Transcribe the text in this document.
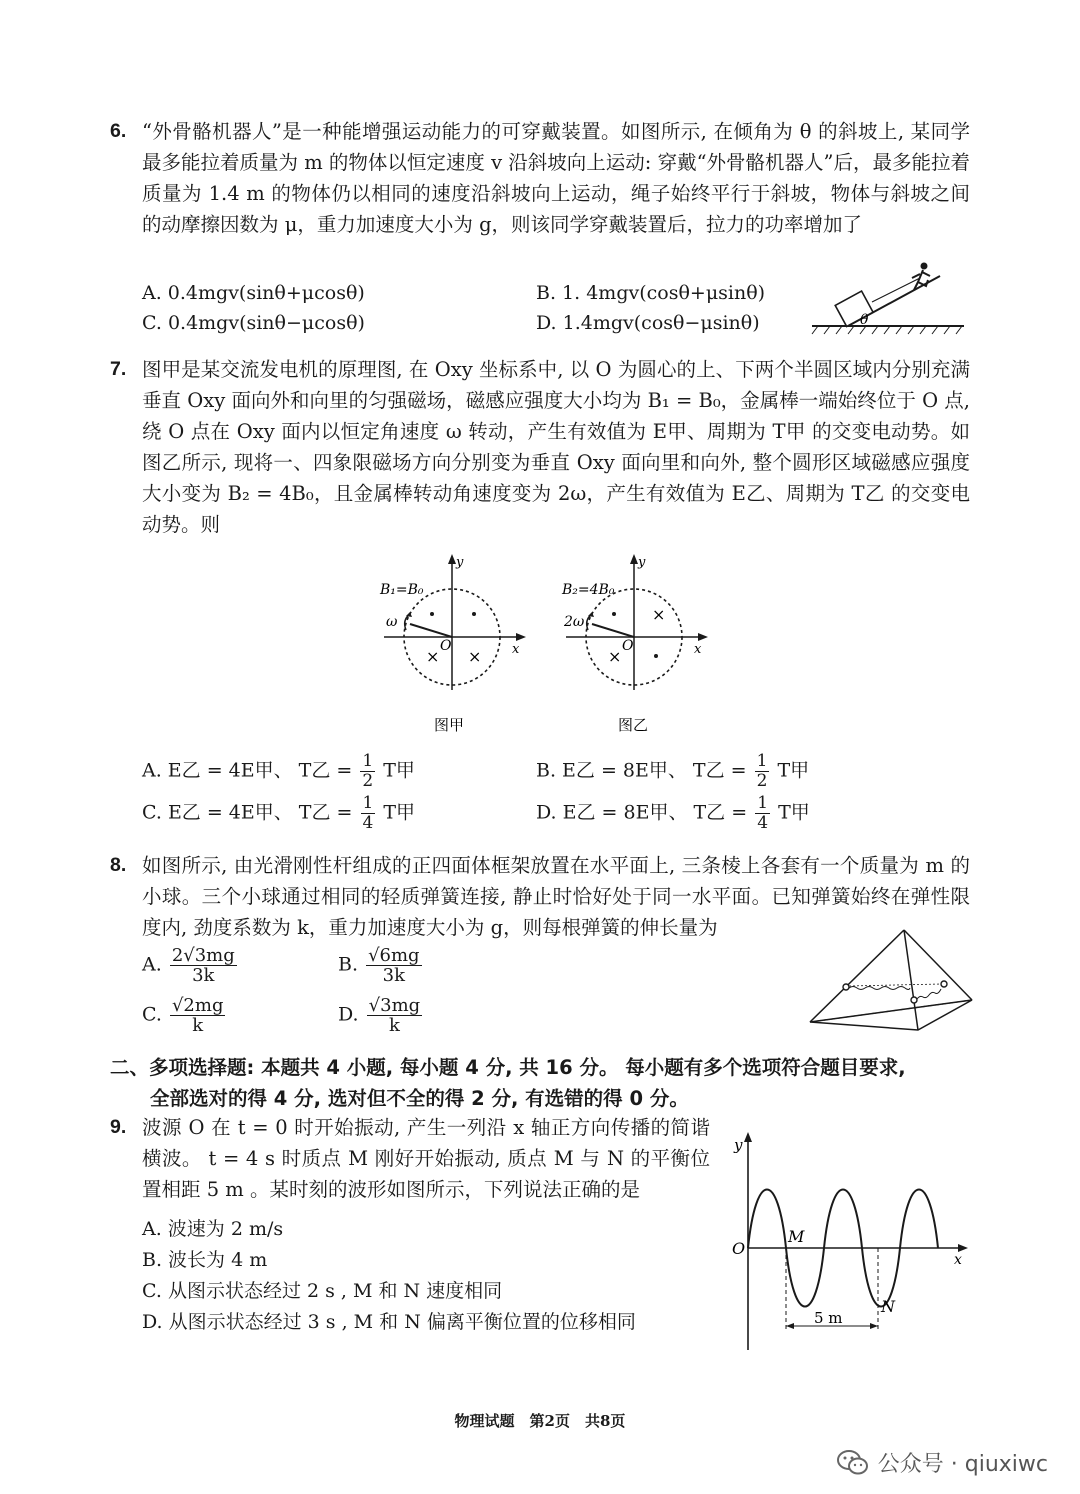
6. “外骨骼机器人”是一种能增强运动能力的可穿戴装置。如图所示, 在倾角为 θ 的斜坡上, 某同学最多能拉着质量为 m 的物体以恒定速度 v 沿斜坡向上运动: 穿戴“外骨骼机器人”后，最多能拉着质量为 1.4 m 的物体仍以相同的速度沿斜坡向上运动，绳子始终平行于斜坡，物体与斜坡之间的动摩擦因数为 μ，重力加速度大小为 g，则该同学穿戴装置后，拉力的功率增加了
A. 0.4mgv(sinθ+μcosθ)	B. 1. 4mgv(cosθ+μsinθ)
C. 0.4mgv(sinθ−μcosθ)	D. 1.4mgv(cosθ−μsinθ)	θ
7. 图甲是某交流发电机的原理图, 在 Oxy 坐标系中, 以 O 为圆心的上、下两个半圆区域内分别充满垂直 Oxy 面向外和向里的匀强磁场，磁感应强度大小均为 B₁ = B₀，金属棒一端始终位于 O 点, 绕 O 点在 Oxy 面内以恒定角速度 ω 转动，产生有效值为 E甲、周期为 T甲 的交变电动势。如图乙所示, 现将一、四象限磁场方向分别变为垂直 Oxy 面向里和向外, 整个圆形区域磁感应强度大小变为 B₂ = 4B₀，且金属棒转动角速度变为 2ω，产生有效值为 E乙、周期为 T乙 的交变电动势。则
× ×
y
x
O
B₁=B₀
ω
图甲
×
×
y
x
O
B₂=4B₀
2ω
图乙
A. E乙 = 4E甲、 T乙 = $\frac{1}{2}$ T甲	B. E乙 = 8E甲、 T乙 = $\frac{1}{2}$ T甲
C. E乙 = 4E甲、 T乙 = $\frac{1}{4}$ T甲	D. E乙 = 8E甲、 T乙 = $\frac{1}{4}$ T甲
8. 如图所示, 由光滑刚性杆组成的正四面体框架放置在水平面上, 三条棱上各套有一个质量为 m 的小球。三个小球通过相同的轻质弹簧连接, 静止时恰好处于同一水平面。已知弹簧始终在弹性限度内, 劲度系数为 k，重力加速度大小为 g，则每根弹簧的伸长量为
A. $\frac{2√3mg}{3k}$	B. $\frac{√6mg}{3k}$
C. $\frac{√2mg}{k}$	D. $\frac{√3mg}{k}$
二、多项选择题: 本题共 4 小题, 每小题 4 分, 共 16 分。 每小题有多个选项符合题目要求,
全部选对的得 4 分, 选对但不全的得 2 分, 有选错的得 0 分。
9. 波源 O 在 t = 0 时开始振动, 产生一列沿 x 轴正方向传播的简谐横波。 t = 4 s 时质点 M 刚好开始振动, 质点 M 与 N 的平衡位置相距 5 m 。某时刻的波形如图所示，下列说法正确的是
A. 波速为 2 m/s
B. 波长为 4 m
C. 从图示状态经过 2 s , M 和 N 速度相同
D. 从图示状态经过 3 s , M 和 N 偏离平衡位置的位移相同
y
x
O
M
N
5 m
物理试题　第2页　共8页
公众号 · qiuxiwc
